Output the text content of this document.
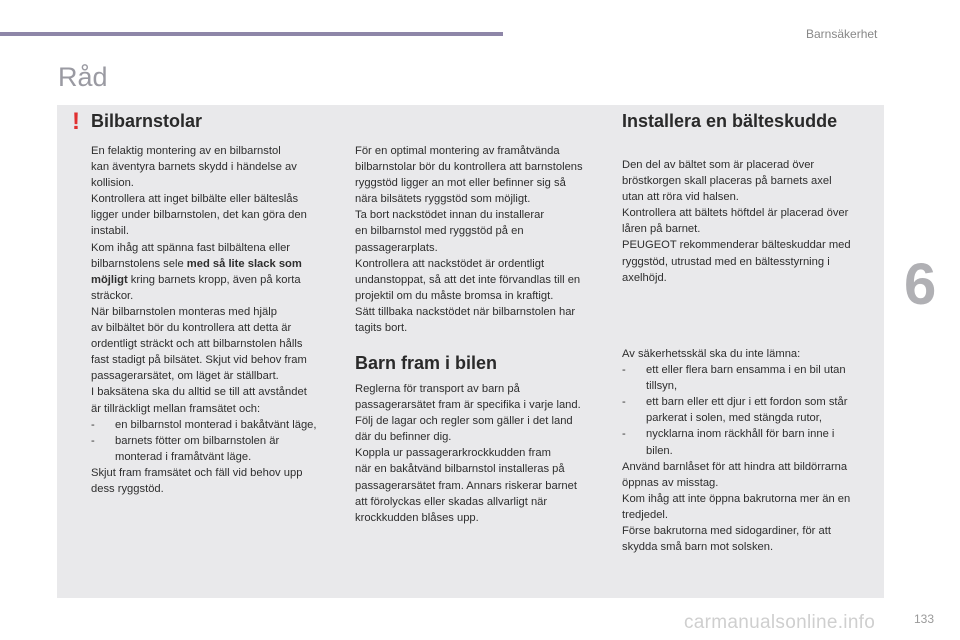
Barnsäkerhet
Råd
! Bilbarnstolar

En felaktig montering av en bilbarnstol

kan äventyra barnets skydd i händelse av

kollision.

Kontrollera att inget bilbälte eller bälteslås

ligger under bilbarnstolen, det kan göra den

instabil.

Kom ihåg att spänna fast bilbältena eller

bilbarnstolens sele med så lite slack som

möjligt kring barnets kropp, även på korta

sträckor.

När bilbarnstolen monteras med hjälp

av bilbältet bör du kontrollera att detta är

ordentligt sträckt och att bilbarnstolen hålls

fast stadigt på bilsätet. Skjut vid behov fram

passagerarsätet, om läget är ställbart.

I baksätena ska du alltid se till att avståndet

är tillräckligt mellan framsätet och:

- en bilbarnstol monterad i bakåtvänt läge,

- barnets fötter om bilbarnstolen är

monterad i framåtvänt läge.

Skjut fram framsätet och fäll vid behov upp

dess ryggstöd.

För en optimal montering av framåtvända

bilbarnstolar bör du kontrollera att barnstolens

ryggstöd ligger an mot eller befinner sig så

nära bilsätets ryggstöd som möjligt.

Ta bort nackstödet innan du installerar

en bilbarnstol med ryggstöd på en

passagerarplats.

Kontrollera att nackstödet är ordentligt

undanstoppat, så att det inte förvandlas till en

projektil om du måste bromsa in kraftigt.

Sätt tillbaka nackstödet när bilbarnstolen har

tagits bort.

Barn fram i bilen

Reglerna för transport av barn på

passagerarsätet fram är specifika i varje land.

Följ de lagar och regler som gäller i det land

där du befinner dig.

Koppla ur passagerarkrockkudden fram

när en bakåtvänd bilbarnstol installeras på

passagerarsätet fram. Annars riskerar barnet

att förolyckas eller skadas allvarligt när

krockkudden blåses upp.

Installera en bälteskudde

Den del av bältet som är placerad över

bröstkorgen skall placeras på barnets axel

utan att röra vid halsen.

Kontrollera att bältets höftdel är placerad över

låren på barnet.

PEUGEOT rekommenderar bälteskuddar med

ryggstöd, utrustad med en bältesstyrning i

axelhöjd.

Av säkerhetsskäl ska du inte lämna:

- ett eller flera barn ensamma i en bil utan

tillsyn,

- ett barn eller ett djur i ett fordon som står

parkerat i solen, med stängda rutor,

- nycklarna inom räckhåll för barn inne i

bilen.

Använd barnlåset för att hindra att bildörrarna

öppnas av misstag.

Kom ihåg att inte öppna bakrutorna mer än en

tredjedel.

Förse bakrutorna med sidogardiner, för att

skydda små barn mot solsken.

6
carmanualsonline.info	133
